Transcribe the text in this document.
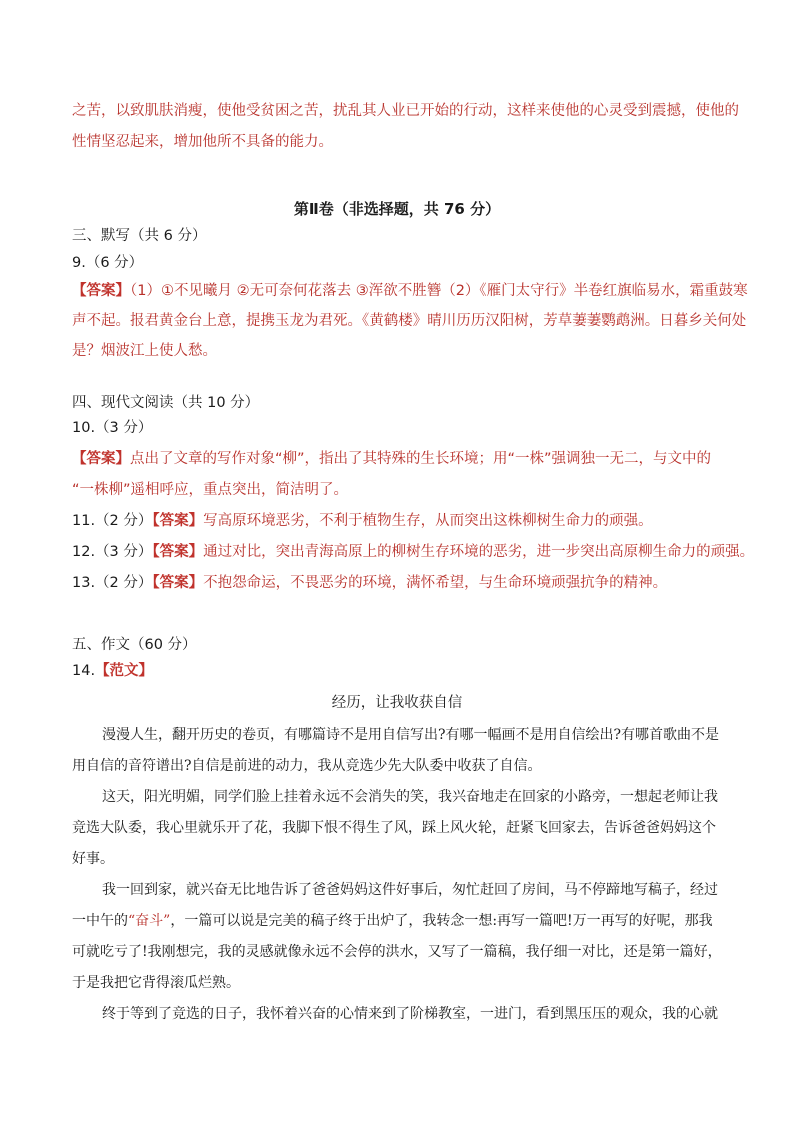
之苦，以致肌肤消瘦，使他受贫困之苦，扰乱其人业已开始的行动，这样来使他的心灵受到震撼，使他的
性情坚忍起来，增加他所不具备的能力。
第Ⅱ卷（非选择题，共 76 分）
三、默写（共 6 分）
9.（6 分）
【答案】（1）①不见曦月 ②无可奈何花落去 ③浑欲不胜簪（2）《雁门太守行》半卷红旗临易水，霜重鼓寒
声不起。报君黄金台上意，提携玉龙为君死。《黄鹤楼》晴川历历汉阳树，芳草萋萋鹦鹉洲。日暮乡关何处
是？烟波江上使人愁。
四、现代文阅读（共 10 分）
10.（3 分）
【答案】点出了文章的写作对象“柳”，指出了其特殊的生长环境；用“一株”强调独一无二，与文中的
“一株柳”遥相呼应，重点突出，简洁明了。
11.（2 分）【答案】写高原环境恶劣，不利于植物生存，从而突出这株柳树生命力的顽强。
12.（3 分）【答案】通过对比，突出青海高原上的柳树生存环境的恶劣，进一步突出高原柳生命力的顽强。
13.（2 分）【答案】不抱怨命运，不畏恶劣的环境，满怀希望，与生命环境顽强抗争的精神。
五、作文（60 分）
14.【范文】
经历，让我收获自信
漫漫人生，翻开历史的卷页，有哪篇诗不是用自信写出?有哪一幅画不是用自信绘出?有哪首歌曲不是
用自信的音符谱出?自信是前进的动力，我从竞选少先大队委中收获了自信。
这天，阳光明媚，同学们脸上挂着永远不会消失的笑，我兴奋地走在回家的小路旁，一想起老师让我
竞选大队委，我心里就乐开了花，我脚下恨不得生了风，踩上风火轮，赶紧飞回家去，告诉爸爸妈妈这个
好事。
我一回到家，就兴奋无比地告诉了爸爸妈妈这件好事后，匆忙赶回了房间，马不停蹄地写稿子，经过
一中午的“奋斗”，一篇可以说是完美的稿子终于出炉了，我转念一想:再写一篇吧!万一再写的好呢，那我
可就吃亏了!我刚想完，我的灵感就像永远不会停的洪水，又写了一篇稿，我仔细一对比，还是第一篇好，
于是我把它背得滚瓜烂熟。
终于等到了竞选的日子，我怀着兴奋的心情来到了阶梯教室，一进门，看到黑压压的观众，我的心就
